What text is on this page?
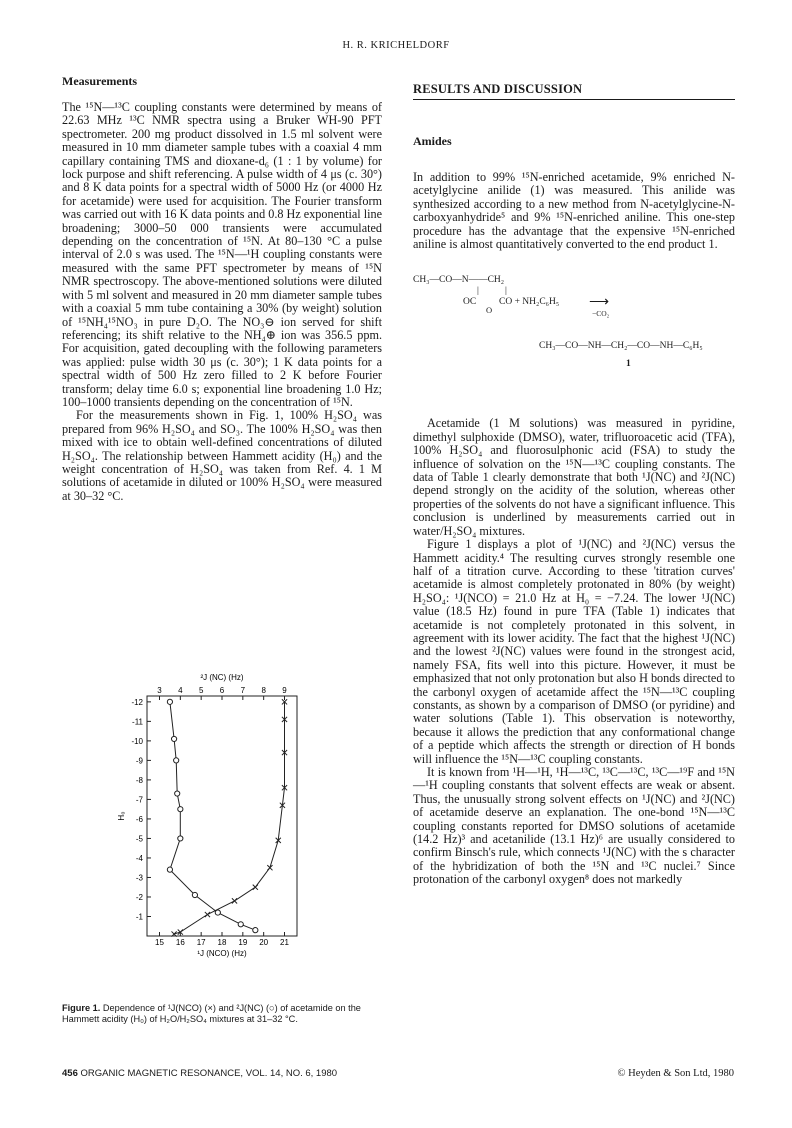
H. R. KRICHELDORF

Measurements

The ¹⁵N—¹³C coupling constants were determined by means of 22.63 MHz ¹³C NMR spectra using a Bruker WH-90 PFT spectrometer. 200 mg product dissolved in 1.5 ml solvent were measured in 10 mm diameter sample tubes with a coaxial 4 mm capillary containing TMS and dioxane-d₆ (1 : 1 by volume) for lock purpose and shift referencing. A pulse width of 4 μs (c. 30°) and 8 K data points for a spectral width of 5000 Hz (or 4000 Hz for acetamide) were used for acquisition. The Fourier transform was carried out with 16 K data points and 0.8 Hz exponential line broadening; 3000–50 000 transients were accumulated depending on the concentration of ¹⁵N. At 80–130 °C a pulse interval of 2.0 s was used. The ¹⁵N—¹H coupling constants were measured with the same PFT spectrometer by means of ¹⁵N NMR spectroscopy. The above-mentioned solutions were diluted with 5 ml solvent and measured in 20 mm diameter sample tubes with a coaxial 5 mm tube containing a 30% (by weight) solution of ¹⁵NH₄¹⁵NO₃ in pure D₂O. The NO₃⊖ ion served for shift referencing; its shift relative to the NH₄⊕ ion was 356.5 ppm. For acquisition, gated decoupling with the following parameters was applied: pulse width 30 μs (c. 30°); 1 K data points for a spectral width of 500 Hz zero filled to 2 K before Fourier transform; delay time 6.0 s; exponential line broadening 1.0 Hz; 100–1000 transients depending on the concentration of ¹⁵N.

For the measurements shown in Fig. 1, 100% H₂SO₄ was prepared from 96% H₂SO₄ and SO₃. The 100% H₂SO₄ was then mixed with ice to obtain well-defined concentrations of diluted H₂SO₄. The relationship between Hammett acidity (H₀) and the weight concentration of H₂SO₄ was taken from Ref. 4. 1 M solutions of acetamide in diluted or 100% H₂SO₄ were measured at 30–32 °C.

²J (NC) (Hz)
3 4 5 6 7 8 9
15 16 17 18 19 20 21
¹J (NCO) (Hz)
-12
-11
-10
-9
-8
-7
-6
-5
-4
-3
-2
-1
H₀
Figure 1. Dependence of ¹J(NCO) (×) and ²J(NC) (○) of acetamide on the Hammett acidity (H₀) of H₂O/H₂SO₄ mixtures at 31–32 °C.

RESULTS AND DISCUSSION

Amides

In addition to 99% ¹⁵N-enriched acetamide, 9% enriched N-acetylglycine anilide (1) was measured. This anilide was synthesized according to a new method from N-acetylglycine-N-carboxyanhydride⁵ and 9% ¹⁵N-enriched aniline. This one-step procedure has the advantage that the expensive ¹⁵N-enriched aniline is almost quantitatively converted to the end product 1.

CH₃—CO—N——CH₂
|	|
OC
O
CO + NH₂C₆H₅ ⟶
−CO₂
CH₃—CO—NH—CH₂—CO—NH—C₆H₅
1

Acetamide (1 M solutions) was measured in pyridine, dimethyl sulphoxide (DMSO), water, trifluoroacetic acid (TFA), 100% H₂SO₄ and fluorosulphonic acid (FSA) to study the influence of solvation on the ¹⁵N—¹³C coupling constants. The data of Table 1 clearly demonstrate that both ¹J(NC) and ²J(NC) depend strongly on the acidity of the solution, whereas other properties of the solvents do not have a significant influence. This conclusion is underlined by measurements carried out in water/H₂SO₄ mixtures.

Figure 1 displays a plot of ¹J(NC) and ²J(NC) versus the Hammett acidity.⁴ The resulting curves strongly resemble one half of a titration curve. According to these 'titration curves' acetamide is almost completely protonated in 80% (by weight) H₂SO₄: ¹J(NCO) = 21.0 Hz at H₀ = −7.24. The lower ¹J(NC) value (18.5 Hz) found in pure TFA (Table 1) indicates that acetamide is not completely protonated in this solvent, in agreement with its lower acidity. The fact that the highest ¹J(NC) and the lowest ²J(NC) values were found in the strongest acid, namely FSA, fits well into this picture. However, it must be emphasized that not only protonation but also H bonds directed to the carbonyl oxygen of acetamide affect the ¹⁵N—¹³C coupling constants, as shown by a comparison of DMSO (or pyridine) and water solutions (Table 1). This observation is noteworthy, because it allows the prediction that any conformational change of a peptide which affects the strength or direction of H bonds will influence the ¹⁵N—¹³C coupling constants.

It is known from ¹H—¹H, ¹H—¹³C, ¹³C—¹³C, ¹³C—¹⁹F and ¹⁵N—¹H coupling constants that solvent effects are weak or absent. Thus, the unusually strong solvent effects on ¹J(NC) and ²J(NC) of acetamide deserve an explanation. The one-bond ¹⁵N—¹³C coupling constants reported for DMSO solutions of acetamide (14.2 Hz)³ and acetanilide (13.1 Hz)⁶ are usually considered to confirm Binsch's rule, which connects ¹J(NC) with the s character of the hybridization of both the ¹⁵N and ¹³C nuclei.⁷ Since protonation of the carbonyl oxygen⁸ does not markedly

456 ORGANIC MAGNETIC RESONANCE, VOL. 14, NO. 6, 1980	© Heyden & Son Ltd, 1980
